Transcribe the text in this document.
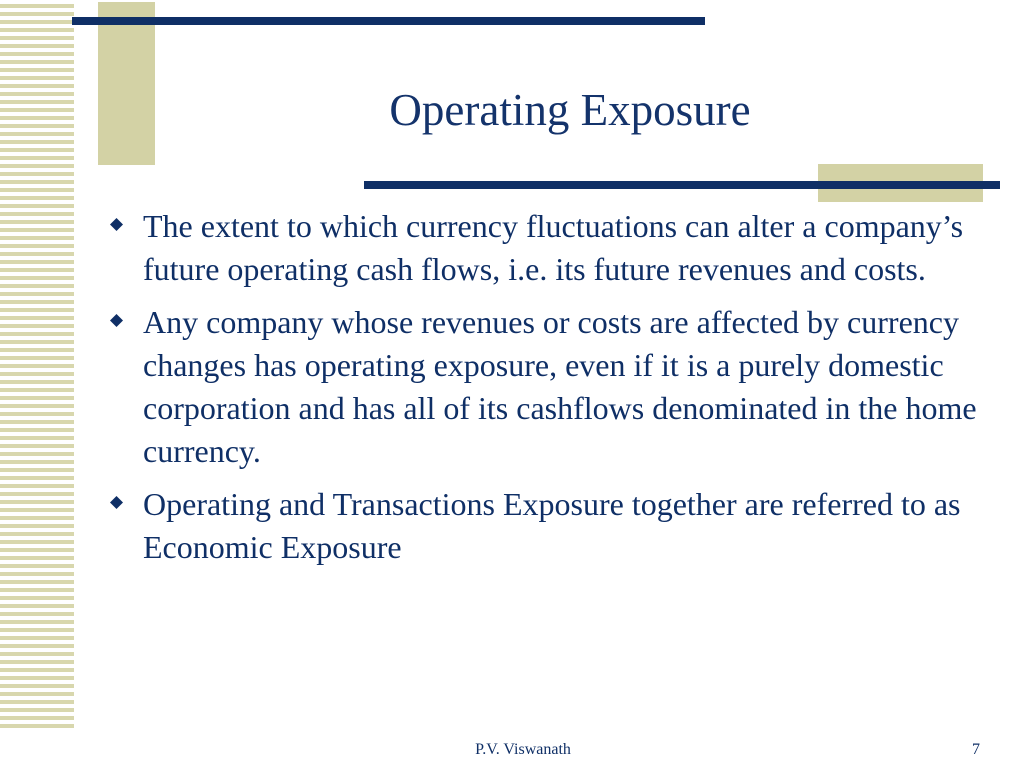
Operating Exposure
The extent to which currency fluctuations can alter a company’s future operating cash flows, i.e. its future revenues and costs.
Any company whose revenues or costs are affected by currency changes has operating exposure, even if it is a purely domestic corporation and has all of its cashflows denominated in the home currency.
Operating and Transactions Exposure together are referred to as Economic Exposure
P.V. Viswanath	7
